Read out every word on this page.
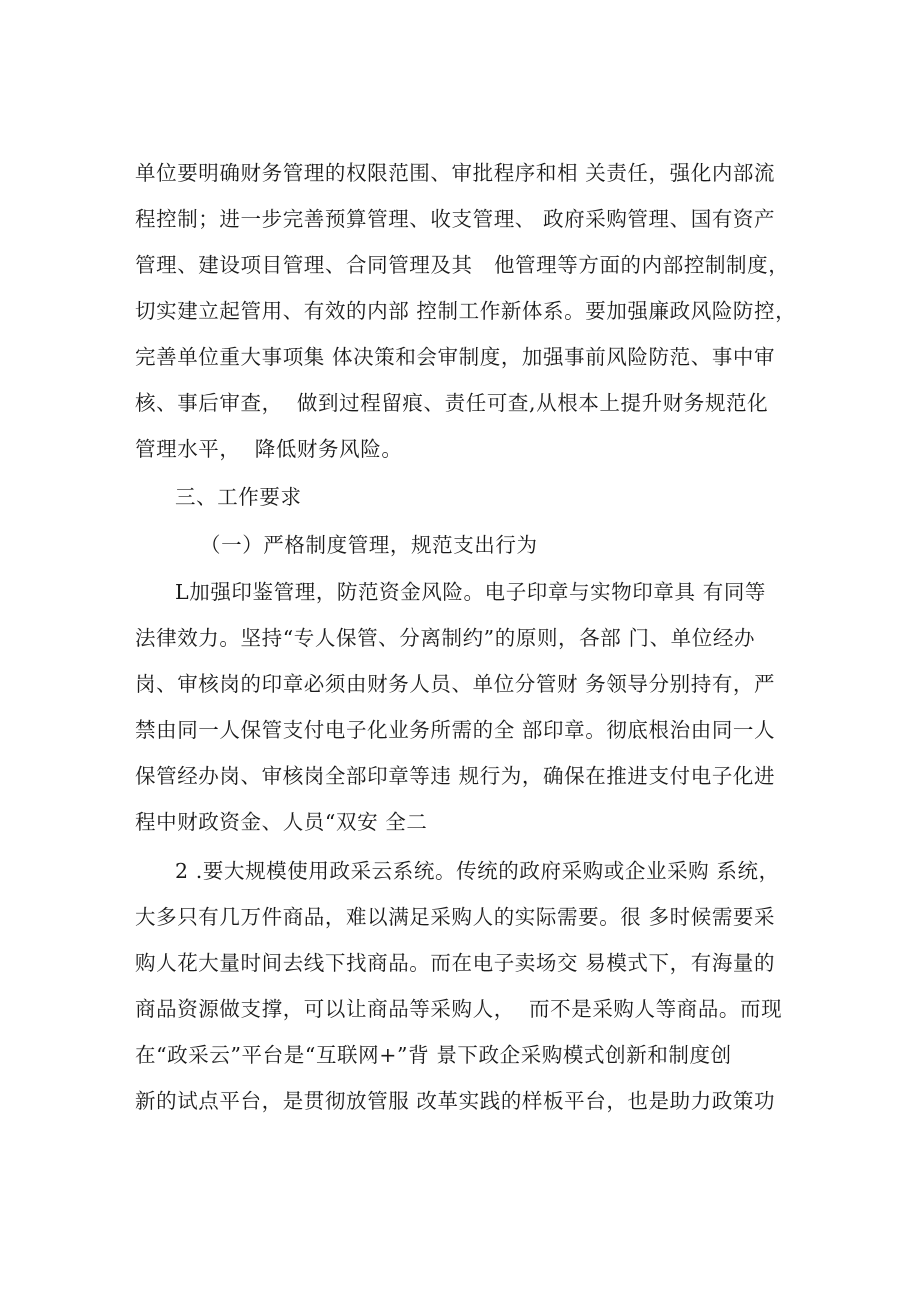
单位要明确财务管理的权限范围、审批程序和相 关责任，强化内部流
程控制；进一步完善预算管理、收支管理、 政府采购管理、国有资产
管理、建设项目管理、合同管理及其   他管理等方面的内部控制制度，
切实建立起管用、有效的内部 控制工作新体系。要加强廉政风险防控，
完善单位重大事项集 体决策和会审制度，加强事前风险防范、事中审
核、事后审查，  做到过程留痕、责任可查,从根本上提升财务规范化
管理水平，  降低财务风险。
三、工作要求
（一）严格制度管理，规范支出行为
L加强印鉴管理，防范资金风险。电子印章与实物印章具 有同等
法律效力。坚持“专人保管、分离制约”的原则，各部 门、单位经办
岗、审核岗的印章必须由财务人员、单位分管财 务领导分别持有，严
禁由同一人保管支付电子化业务所需的全 部印章。彻底根治由同一人
保管经办岗、审核岗全部印章等违 规行为，确保在推进支付电子化进
程中财政资金、人员“双安 全二
2 .要大规模使用政采云系统。传统的政府采购或企业采购 系统，
大多只有几万件商品，难以满足采购人的实际需要。很 多时候需要采
购人花大量时间去线下找商品。而在电子卖场交 易模式下，有海量的
商品资源做支撑，可以让商品等采购人，  而不是采购人等商品。而现
在“政采云”平台是“互联网+”背 景下政企采购模式创新和制度创
新的试点平台，是贯彻放管服 改革实践的样板平台，也是助力政策功
